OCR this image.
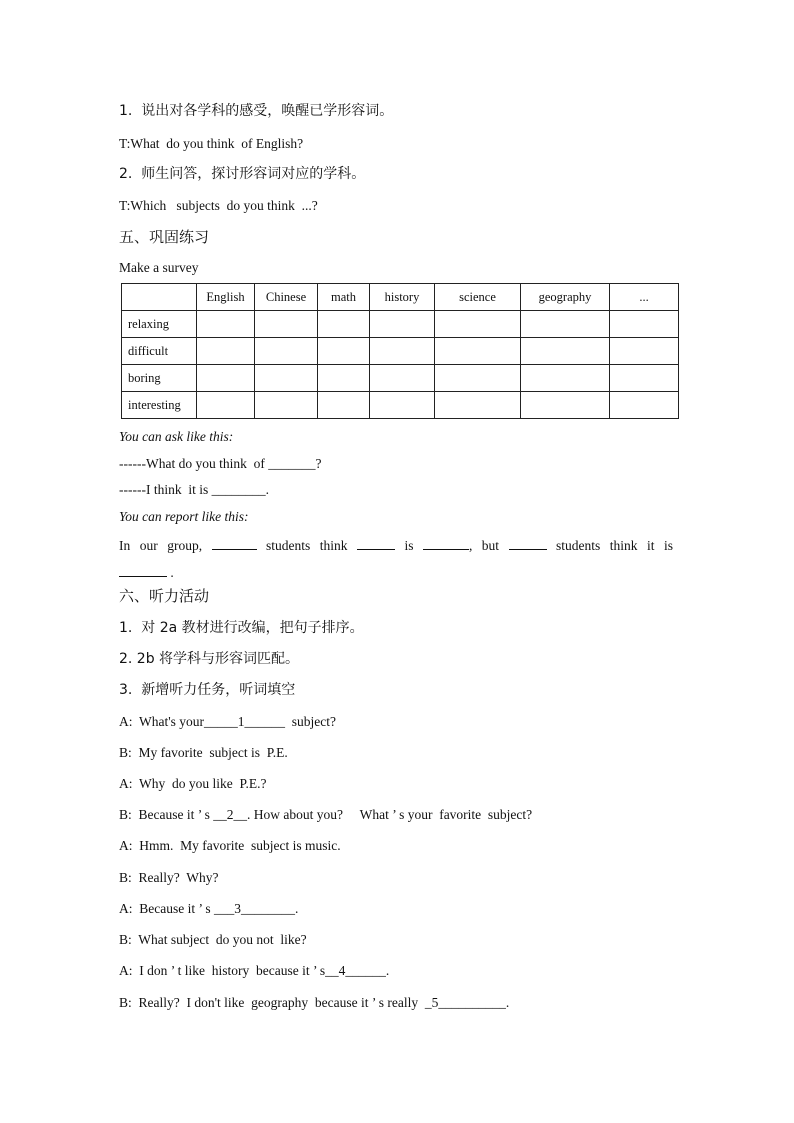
1.  说出对各学科的感受，唤醒已学形容词。
T:What  do you think  of English?
2.  师生问答，探讨形容词对应的学科。
T:Which   subjects  do you think  ...?
五、巩固练习
Make a survey
	English	Chinese	math	history	science	geography	...
relaxing							
difficult							
boring							
interesting							
You can ask like this:
------What do you think  of _______?
------I think  it is ________.
You can report like this:
In our group,	students think	is	, but	students think it is
.
六、听力活动
1.  对 2a 教材进行改编，把句子排序。
2. 2b 将学科与形容词匹配。
3.  新增听力任务，听词填空
A:  What's your_____1______  subject?
B:  My favorite  subject is  P.E.
A:  Why  do you like  P.E.?
B:  Because it ’ s __2__. How about you?     What ’ s your  favorite  subject?
A:  Hmm.  My favorite  subject is music.
B:  Really?  Why?
A:  Because it ’ s ___3________.
B:  What subject  do you not  like?
A:  I don ’ t like  history  because it ’ s__4______.
B:  Really?  I don't like  geography  because it ’ s really  _5__________.
